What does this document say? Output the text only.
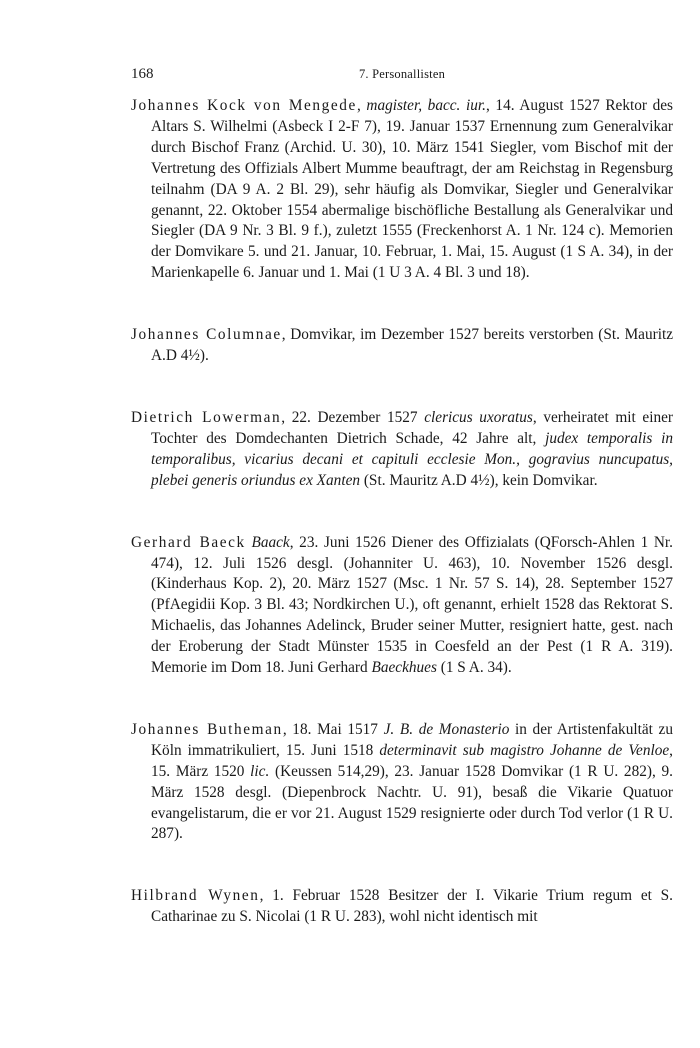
168	7. Personallisten

Johannes Kock von Mengede, magister, bacc. iur., 14. August 1527 Rektor des Altars S. Wilhelmi (Asbeck I 2-F 7), 19. Januar 1537 Ernennung zum Generalvikar durch Bischof Franz (Archid. U. 30), 10. März 1541 Siegler, vom Bischof mit der Vertretung des Offizials Albert Mumme beauftragt, der am Reichstag in Regensburg teilnahm (DA 9 A. 2 Bl. 29), sehr häufig als Domvikar, Siegler und Generalvikar genannt, 22. Oktober 1554 abermalige bischöfliche Bestallung als Generalvikar und Siegler (DA 9 Nr. 3 Bl. 9 f.), zuletzt 1555 (Freckenhorst A. 1 Nr. 124 c). Memorien der Domvikare 5. und 21. Januar, 10. Februar, 1. Mai, 15. August (1 S A. 34), in der Marienkapelle 6. Januar und 1. Mai (1 U 3 A. 4 Bl. 3 und 18).

Johannes Columnae, Domvikar, im Dezember 1527 bereits verstorben (St. Mauritz A.D 4½).

Dietrich Lowerman, 22. Dezember 1527 clericus uxoratus, verheiratet mit einer Tochter des Domdechanten Dietrich Schade, 42 Jahre alt, judex temporalis in temporalibus, vicarius decani et capituli ecclesie Mon., gogravius nuncupatus, plebei generis oriundus ex Xanten (St. Mauritz A.D 4½), kein Domvikar.

Gerhard Baeck Baack, 23. Juni 1526 Diener des Offizialats (QForsch-Ahlen 1 Nr. 474), 12. Juli 1526 desgl. (Johanniter U. 463), 10. November 1526 desgl. (Kinderhaus Kop. 2), 20. März 1527 (Msc. 1 Nr. 57 S. 14), 28. September 1527 (PfAegidii Kop. 3 Bl. 43; Nordkirchen U.), oft genannt, erhielt 1528 das Rektorat S. Michaelis, das Johannes Adelinck, Bruder seiner Mutter, resigniert hatte, gest. nach der Eroberung der Stadt Münster 1535 in Coesfeld an der Pest (1 R A. 319). Memorie im Dom 18. Juni Gerhard Baeckhues (1 S A. 34).

Johannes Butheman, 18. Mai 1517 J. B. de Monasterio in der Artistenfakultät zu Köln immatrikuliert, 15. Juni 1518 determinavit sub magistro Johanne de Venloe, 15. März 1520 lic. (Keussen 514,29), 23. Januar 1528 Domvikar (1 R U. 282), 9. März 1528 desgl. (Diepenbrock Nachtr. U. 91), besaß die Vikarie Quatuor evangelistarum, die er vor 21. August 1529 resignierte oder durch Tod verlor (1 R U. 287).

Hilbrand Wynen, 1. Februar 1528 Besitzer der I. Vikarie Trium regum et S. Catharinae zu S. Nicolai (1 R U. 283), wohl nicht identisch mit
